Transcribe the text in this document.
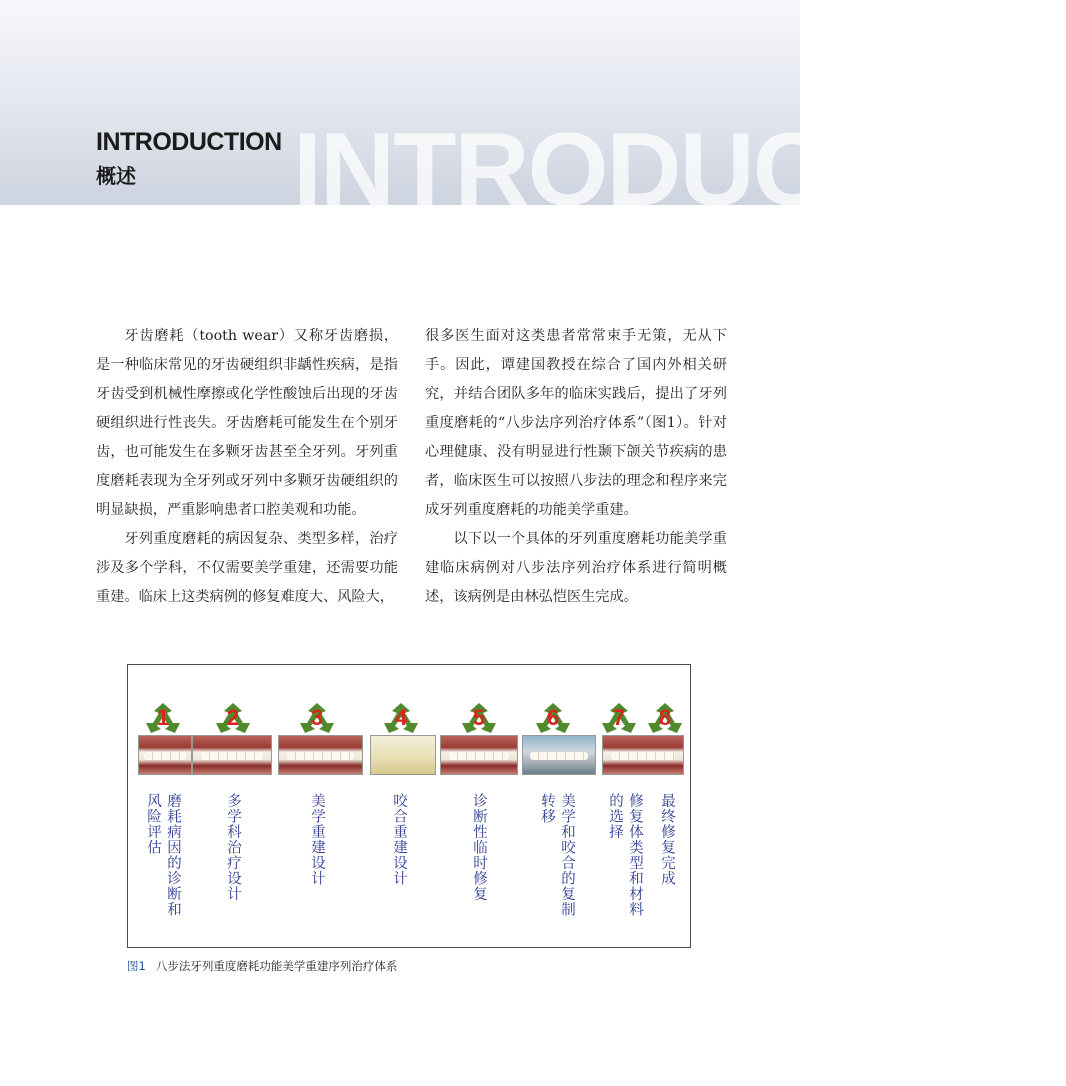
INTRODUCTION
INTRODUCTION
概述

牙齿磨耗（tooth wear）又称牙齿磨损，是一种临床常见的牙齿硬组织非龋性疾病，是指牙齿受到机械性摩擦或化学性酸蚀后出现的牙齿硬组织进行性丧失。牙齿磨耗可能发生在个别牙齿，也可能发生在多颗牙齿甚至全牙列。牙列重度磨耗表现为全牙列或牙列中多颗牙齿硬组织的明显缺损，严重影响患者口腔美观和功能。

牙列重度磨耗的病因复杂、类型多样，治疗涉及多个学科，不仅需要美学重建，还需要功能重建。临床上这类病例的修复难度大、风险大，

很多医生面对这类患者常常束手无策，无从下手。因此，谭建国教授在综合了国内外相关研究，并结合团队多年的临床实践后，提出了牙列重度磨耗的“八步法序列治疗体系”（图1）。针对心理健康、没有明显进行性颞下颌关节疾病的患者，临床医生可以按照八步法的理念和程序来完成牙列重度磨耗的功能美学重建。

以下以一个具体的牙列重度磨耗功能美学重建临床病例对八步法序列治疗体系进行简明概述，该病例是由林弘恺医生完成。

1
风险评估 磨耗病因的诊断和
2
多学科治疗设计
3
美学重建设计
4
咬合重建设计
5
诊断性临时修复
6
转移 美学和咬合的复制
7
的选择 修复体类型和材料
8
最终修复完成
图1 八步法牙列重度磨耗功能美学重建序列治疗体系
